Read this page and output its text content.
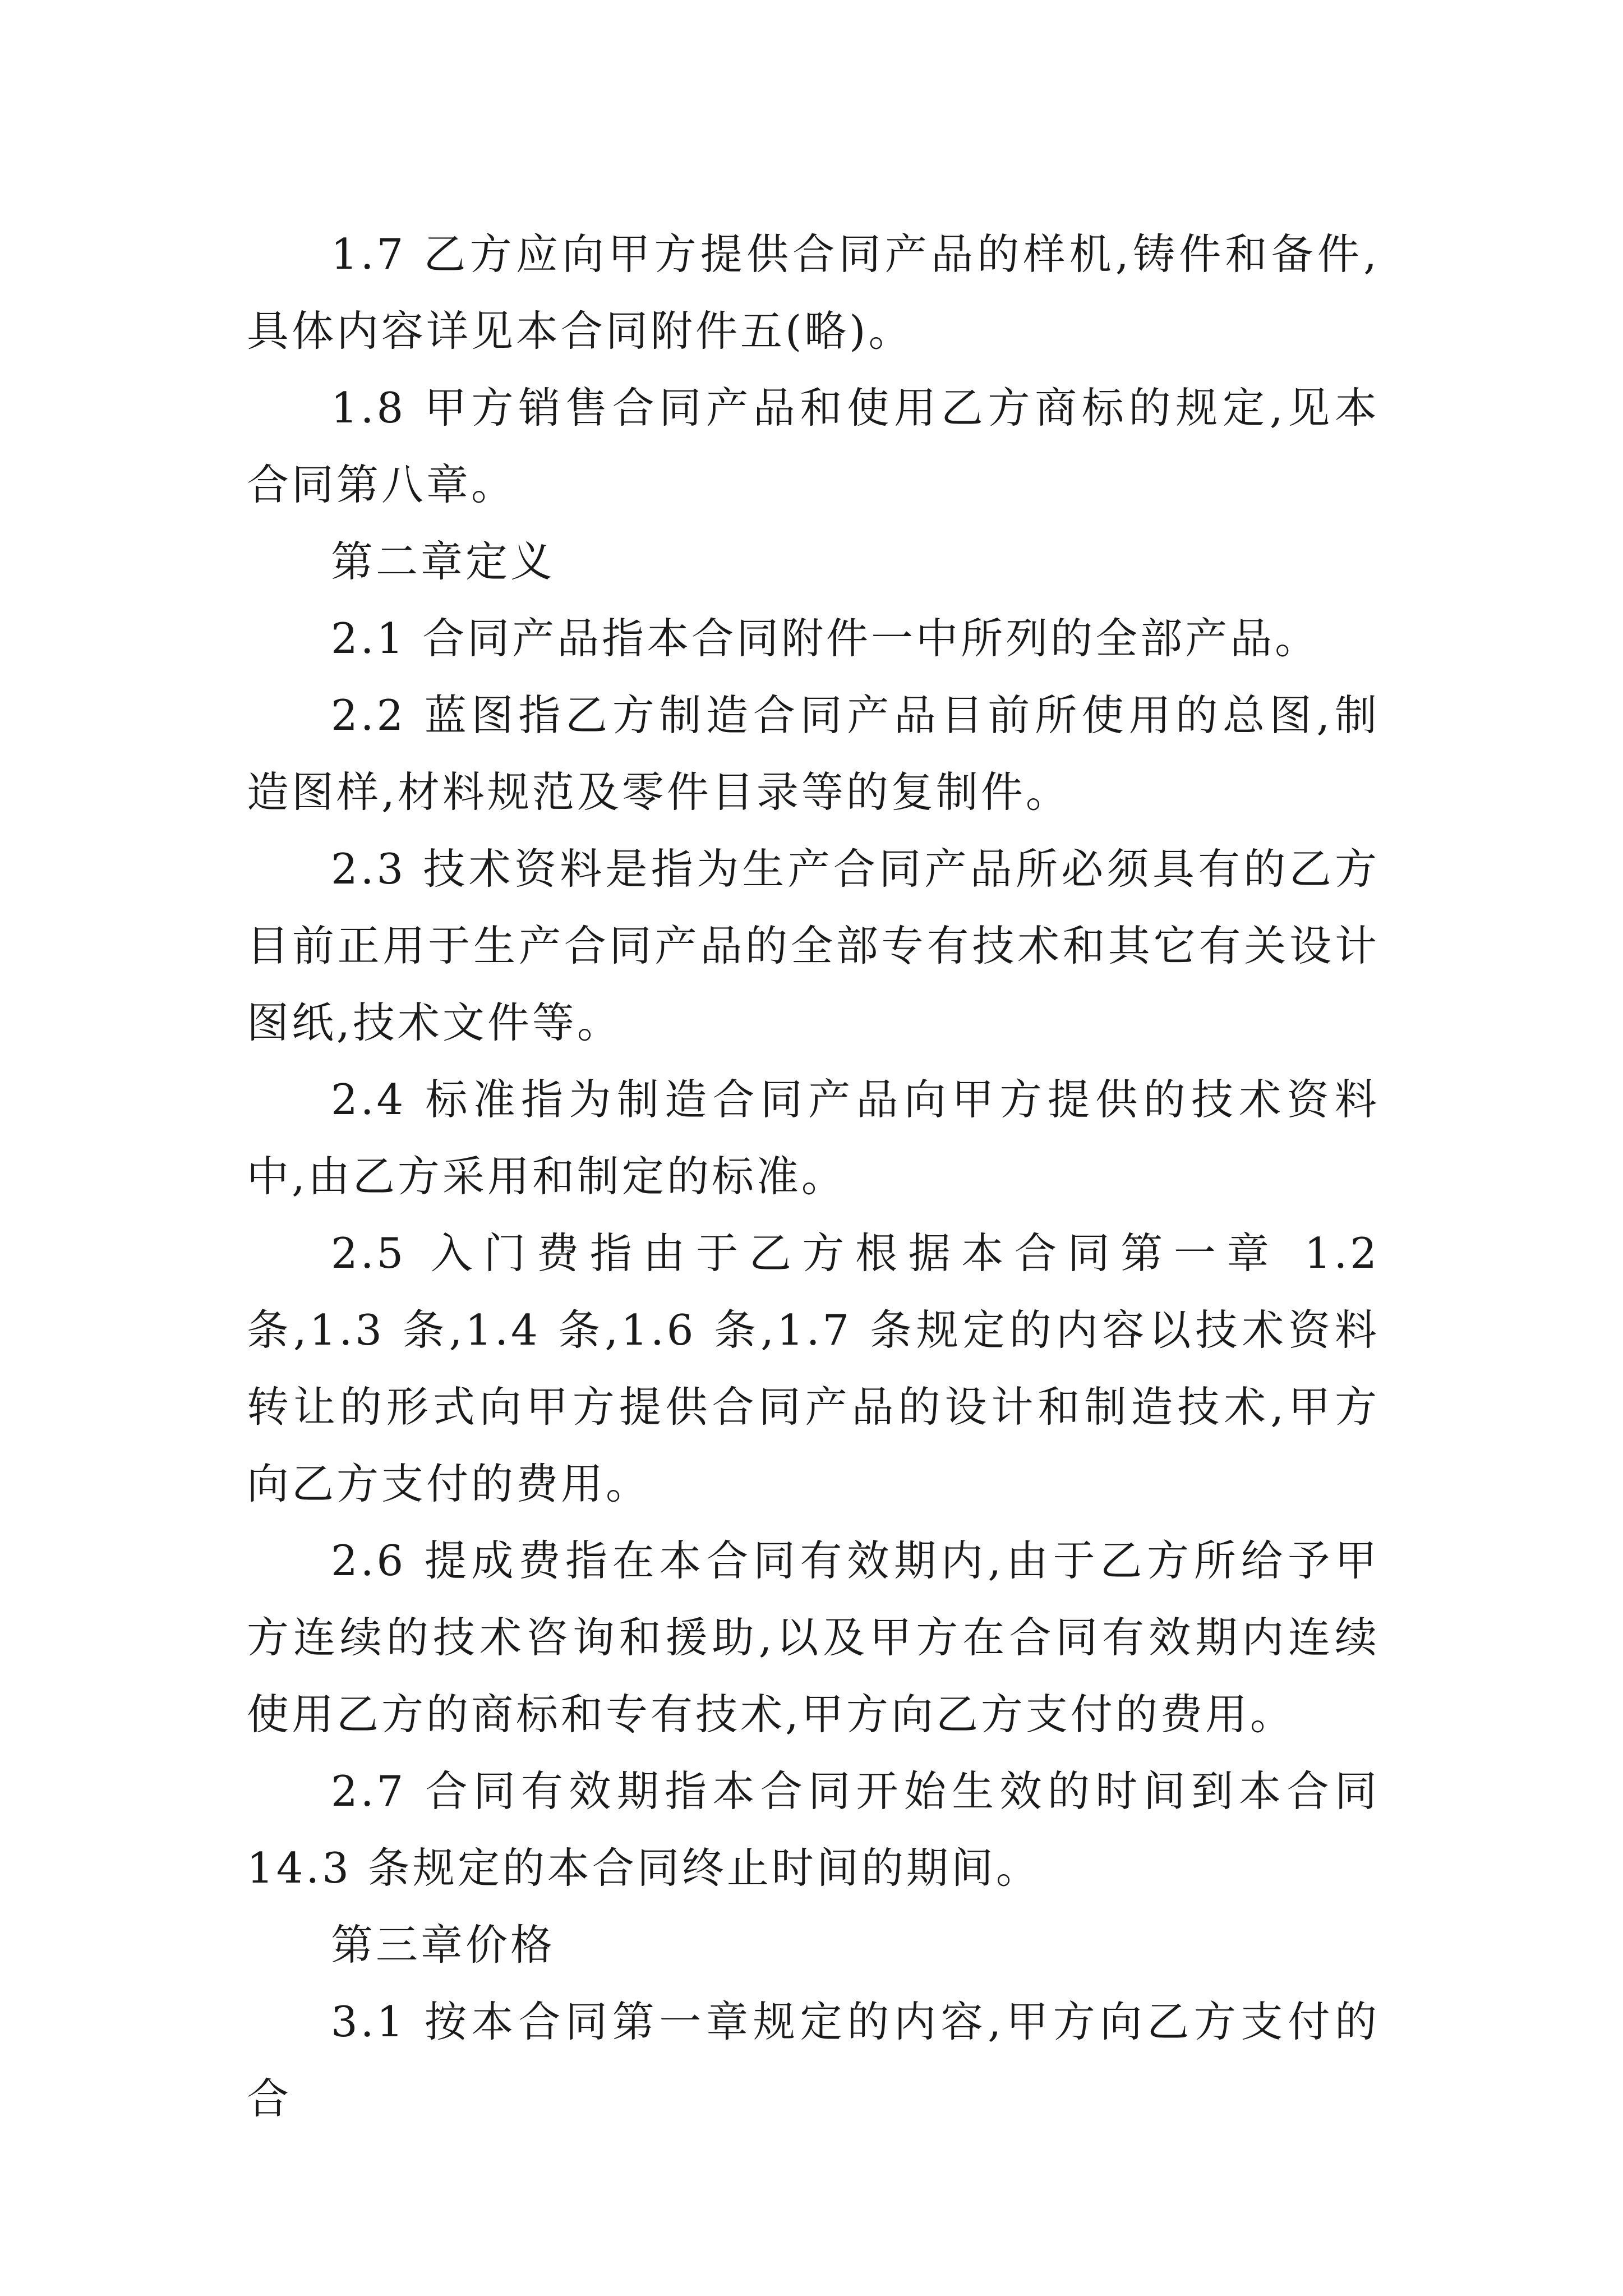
1.7 乙方应向甲方提供合同产品的样机,铸件和备件,具体内容详见本合同附件五(略)。

1.8 甲方销售合同产品和使用乙方商标的规定,见本合同第八章。

第二章定义

2.1 合同产品指本合同附件一中所列的全部产品。

2.2 蓝图指乙方制造合同产品目前所使用的总图,制造图样,材料规范及零件目录等的复制件。

2.3 技术资料是指为生产合同产品所必须具有的乙方目前正用于生产合同产品的全部专有技术和其它有关设计图纸,技术文件等。

2.4 标准指为制造合同产品向甲方提供的技术资料中,由乙方采用和制定的标准。

2.5 入门费指由于乙方根据本合同第一章 1.2 条,1.3 条,1.4 条,1.6 条,1.7 条规定的内容以技术资料转让的形式向甲方提供合同产品的设计和制造技术,甲方向乙方支付的费用。

2.6 提成费指在本合同有效期内,由于乙方所给予甲方连续的技术咨询和援助,以及甲方在合同有效期内连续使用乙方的商标和专有技术,甲方向乙方支付的费用。

2.7 合同有效期指本合同开始生效的时间到本合同 14.3 条规定的本合同终止时间的期间。

第三章价格

3.1 按本合同第一章规定的内容,甲方向乙方支付的合
